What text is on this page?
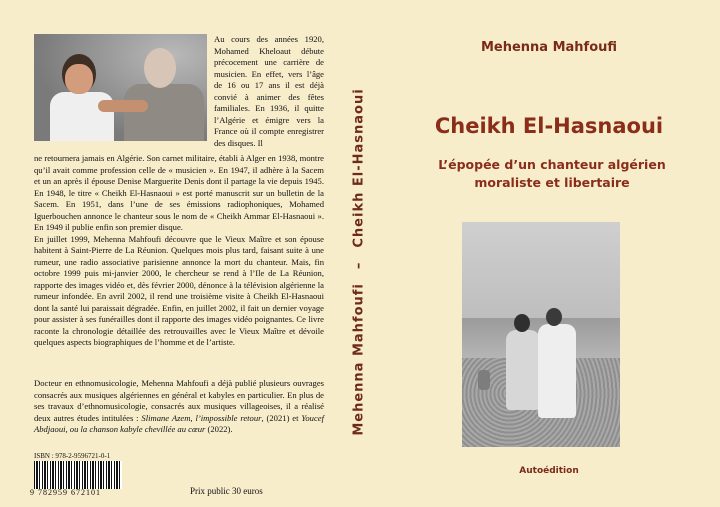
Au cours des années 1920, Mohamed Kheloaut débute précocement une carrière de musicien. En effet, vers l’âge de 16 ou 17 ans il est déjà convié à animer des fêtes familiales. En 1936, il quitte l’Algérie et émigre vers la France où il compte enregistrer des disques. Il
ne retournera jamais en Algérie. Son carnet militaire, établi à Alger en 1938, montre qu’il avait comme profession celle de « musicien ». En 1947, il adhère à la Sacem et un an après il épouse Denise Marguerite Denis dont il partage la vie depuis 1945. En 1948, le titre « Cheikh El-Hasnaoui » est porté manuscrit sur un bulletin de la Sacem. En 1951, dans l’une de ses émissions radiophoniques, Mohamed Iguerbouchen annonce le chanteur sous le nom de « Cheikh Ammar El-Hasnaoui ». En 1949 il publie enfin son premier disque.
En juillet 1999, Mehenna Mahfoufi découvre que le Vieux Maître et son épouse habitent à Saint-Pierre de La Réunion. Quelques mois plus tard, faisant suite à une rumeur, une radio associative parisienne annonce la mort du chanteur. Mais, fin octobre 1999 puis mi-janvier 2000, le chercheur se rend à l’Ile de La Réunion, rapporte des images vidéo et, dès février 2000, dénonce à la télévision algérienne la rumeur infondée. En avril 2002, il rend une troisième visite à Cheikh El-Hasnaoui dont la santé lui paraissait dégradée. Enfin, en juillet 2002, il fait un dernier voyage pour assister à ses funérailles dont il rapporte des images vidéo poignantes. Ce livre raconte la chronologie détaillée des retrouvailles avec le Vieux Maître et dévoile quelques aspects biographiques de l’homme et de l’artiste.
Docteur en ethnomusicologie, Mehenna Mahfoufi a déjà publié plusieurs ouvrages consacrés aux musiques algériennes en général et kabyles en particulier. En plus de ses travaux d’ethnomusicologie, consacrés aux musiques villageoises, il a réalisé deux autres études intitulées : Slimane Azem, l’impossible retour, (2021) et Youcef Abdjaoui, ou la chanson kabyle chevillée au cœur (2022).
ISBN : 978-2-9596721-0-1
9 782959 672101	Prix public 30 euros
Mehenna Mahfoufi–Cheikh El-Hasnaoui
Mehenna Mahfoufi
Cheikh El-Hasnaoui
L’épopée d’un chanteur algérien moraliste et libertaire
Autoédition
